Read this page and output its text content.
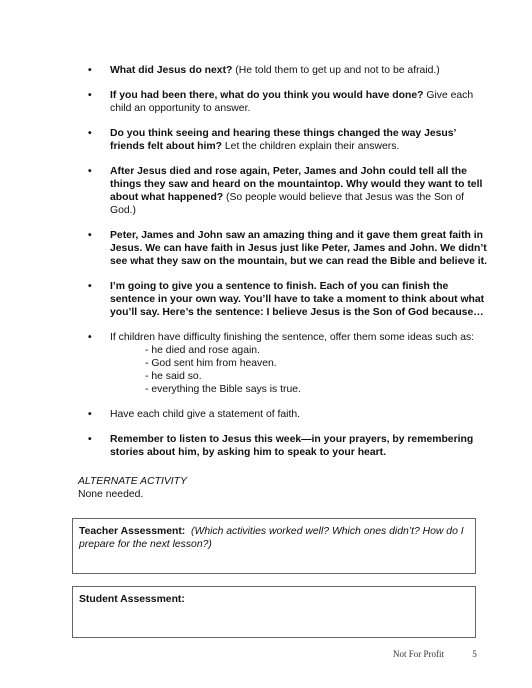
• What did Jesus do next? (He told them to get up and not to be afraid.)
• If you had been there, what do you think you would have done? Give each child an opportunity to answer.
• Do you think seeing and hearing these things changed the way Jesus’ friends felt about him? Let the children explain their answers.
• After Jesus died and rose again, Peter, James and John could tell all the things they saw and heard on the mountaintop. Why would they want to tell about what happened? (So people would believe that Jesus was the Son of God.)
• Peter, James and John saw an amazing thing and it gave them great faith in Jesus. We can have faith in Jesus just like Peter, James and John. We didn’t see what they saw on the mountain, but we can read the Bible and believe it.
• I’m going to give you a sentence to finish. Each of you can finish the sentence in your own way. You’ll have to take a moment to think about what you’ll say. Here’s the sentence: I believe Jesus is the Son of God because…
• If children have difficulty finishing the sentence, offer them some ideas such as:
- he died and rose again.
- God sent him from heaven.
- he said so.
- everything the Bible says is true.
• Have each child give a statement of faith.
• Remember to listen to Jesus this week—in your prayers, by remembering stories about him, by asking him to speak to your heart.
ALTERNATE ACTIVITY
None needed.
Teacher Assessment: (Which activities worked well? Which ones didn’t? How do I prepare for the next lesson?)
Student Assessment:
Not For Profit	5
